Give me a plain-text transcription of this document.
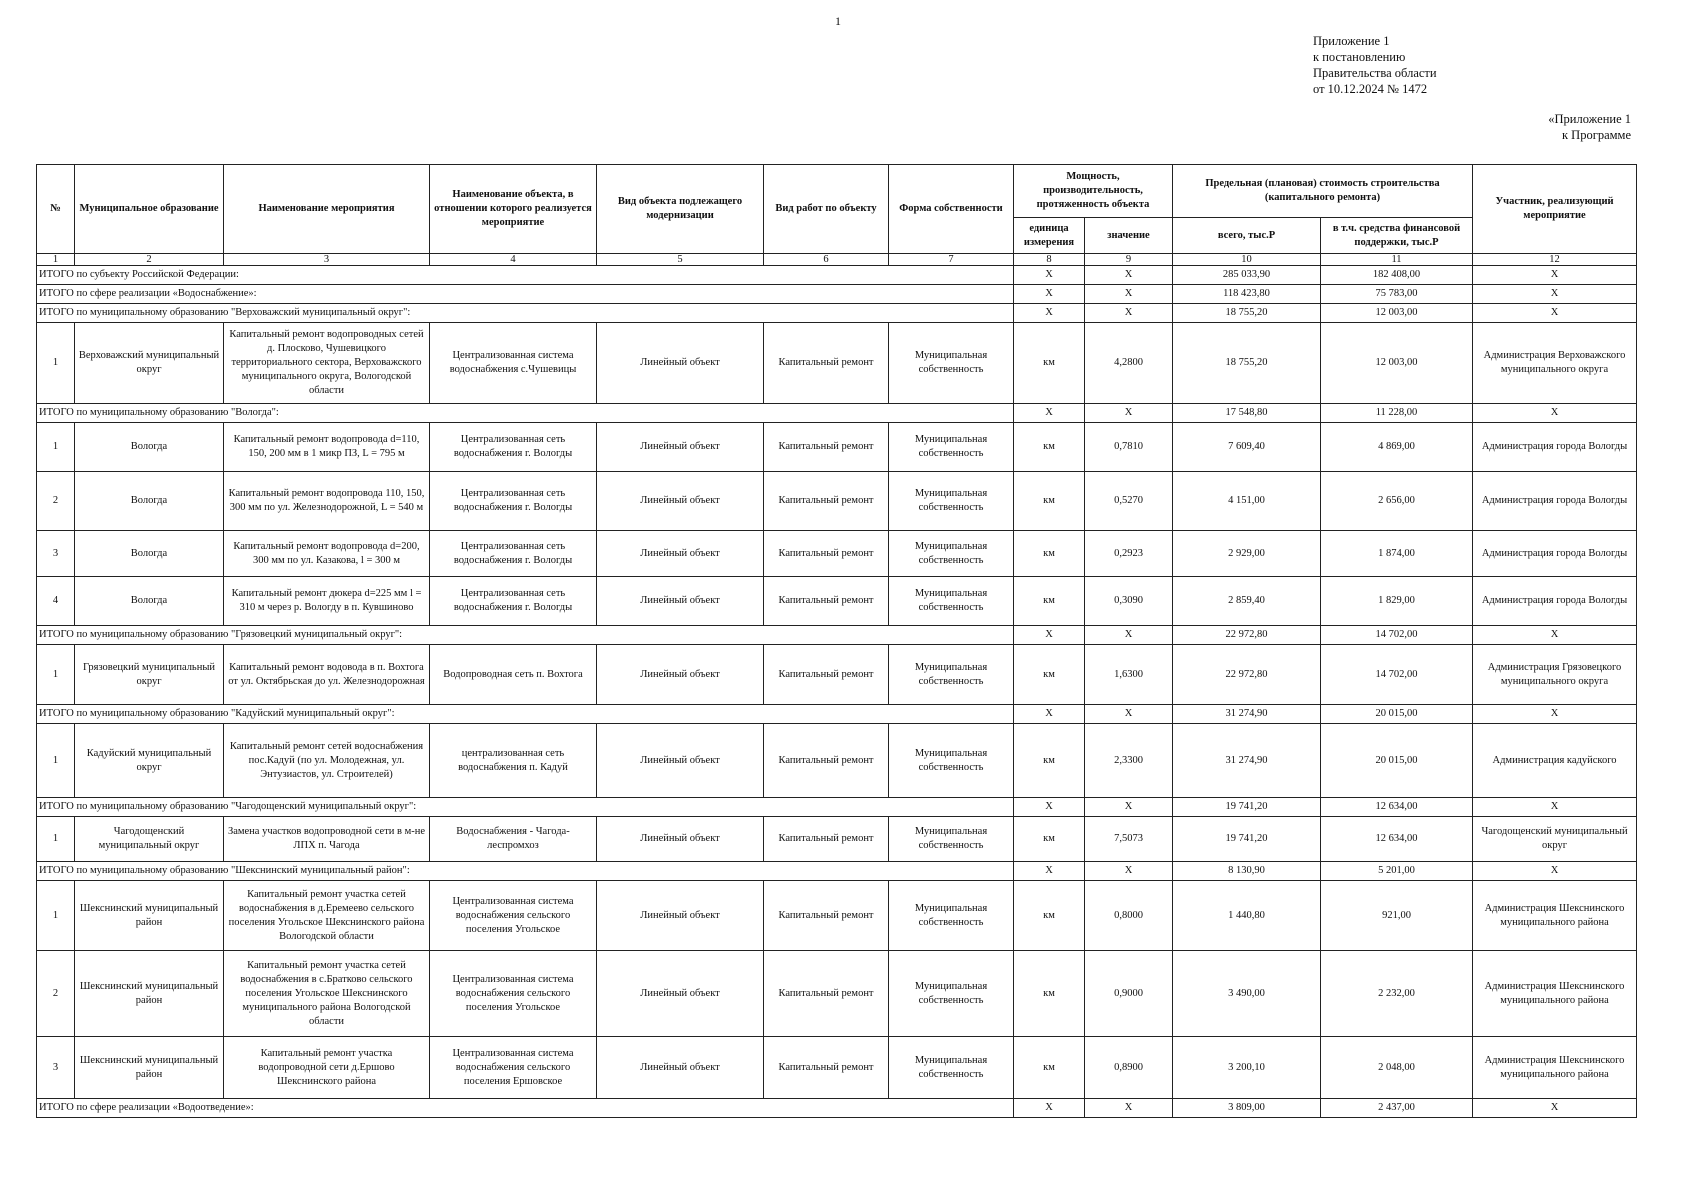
1
Приложение 1
к постановлению
Правительства области
от 10.12.2024 № 1472
«Приложение 1
к Программе
№	Муниципальное образование	Наименование мероприятия	Наименование объекта, в отношении которого реализуется мероприятие	Вид объекта подлежащего модернизации	Вид работ по объекту	Форма собственности	Мощность, производительность, протяженность объекта		Предельная (плановая) стоимость строительства (капитального ремонта)		Участник, реализующий мероприятие
							единица измерения	значение	всего, тыс.Р	в т.ч. средства финансовой поддержки, тыс.Р	
1	2	3	4	5	6	7	8	9	10	11	12
ИТОГО по субъекту Российской Федерации:							X	X	285 033,90	182 408,00	X
ИТОГО по сфере реализации «Водоснабжение»:							X	X	118 423,80	75 783,00	X
ИТОГО по муниципальному образованию "Верховажский муниципальный округ":							X	X	18 755,20	12 003,00	X
1	Верховажский муниципальный округ	Капитальный ремонт водопроводных сетей д. Плосково, Чушевицкого территориального сектора, Верховажского муниципального округа, Вологодской области	Централизованная система водоснабжения с.Чушевицы	Линейный объект	Капитальный ремонт	Муниципальная собственность	км	4,2800	18 755,20	12 003,00	Администрация Верховажского муниципального округа
ИТОГО по муниципальному образованию "Вологда":							X	X	17 548,80	11 228,00	X
1	Вологда	Капитальный ремонт водопровода d=110, 150, 200 мм в 1 микр ПЗ, L = 795 м	Централизованная сеть водоснабжения г. Вологды	Линейный объект	Капитальный ремонт	Муниципальная собственность	км	0,7810	7 609,40	4 869,00	Администрация города Вологды
2	Вологда	Капитальный ремонт водопровода 110, 150, 300 мм по ул. Железнодорожной, L = 540 м	Централизованная сеть водоснабжения г. Вологды	Линейный объект	Капитальный ремонт	Муниципальная собственность	км	0,5270	4 151,00	2 656,00	Администрация города Вологды
3	Вологда	Капитальный ремонт водопровода d=200, 300 мм по ул. Казакова, l = 300 м	Централизованная сеть водоснабжения г. Вологды	Линейный объект	Капитальный ремонт	Муниципальная собственность	км	0,2923	2 929,00	1 874,00	Администрация города Вологды
4	Вологда	Капитальный ремонт дюкера d=225 мм l = 310 м через р. Вологду в п. Кувшиново	Централизованная сеть водоснабжения г. Вологды	Линейный объект	Капитальный ремонт	Муниципальная собственность	км	0,3090	2 859,40	1 829,00	Администрация города Вологды
ИТОГО по муниципальному образованию "Грязовецкий муниципальный округ":							X	X	22 972,80	14 702,00	X
1	Грязовецкий муниципальный округ	Капитальный ремонт водовода в п. Вохтога от ул. Октябрьская до ул. Железнодорожная	Водопроводная сеть п. Вохтога	Линейный объект	Капитальный ремонт	Муниципальная собственность	км	1,6300	22 972,80	14 702,00	Администрация Грязовецкого муниципального округа
ИТОГО по муниципальному образованию "Кадуйский муниципальный округ":							X	X	31 274,90	20 015,00	X
1	Кадуйский муниципальный округ	Капитальный ремонт сетей водоснабжения пос.Кадуй (по ул. Молодежная, ул. Энтузиастов, ул. Строителей)	централизованная сеть водоснабжения п. Кадуй	Линейный объект	Капитальный ремонт	Муниципальная собственность	км	2,3300	31 274,90	20 015,00	Администрация кадуйского
ИТОГО по муниципальному образованию "Чагодощенский муниципальный округ":							X	X	19 741,20	12 634,00	X
1	Чагодощенский муниципальный округ	Замена участков водопроводной сети в м-не ЛПХ п. Чагода	Водоснабжения - Чагода-леспромхоз	Линейный объект	Капитальный ремонт	Муниципальная собственность	км	7,5073	19 741,20	12 634,00	Чагодощенский муниципальный округ
ИТОГО по муниципальному образованию "Шекснинский муниципальный район":							X	X	8 130,90	5 201,00	X
1	Шекснинский муниципальный район	Капитальный ремонт участка сетей водоснабжения в д.Еремеево сельского поселения Угольское Шекснинского района Вологодской области	Централизованная система водоснабжения сельского поселения Угольское	Линейный объект	Капитальный ремонт	Муниципальная собственность	км	0,8000	1 440,80	921,00	Администрация Шекснинского муниципального района
2	Шекснинский муниципальный район	Капитальный ремонт участка сетей водоснабжения в с.Братково сельского поселения Угольское Шекснинского муниципального района Вологодской области	Централизованная система водоснабжения сельского поселения Угольское	Линейный объект	Капитальный ремонт	Муниципальная собственность	км	0,9000	3 490,00	2 232,00	Администрация Шекснинского муниципального района
3	Шекснинский муниципальный район	Капитальный ремонт участка водопроводной сети д.Ершово Шекснинского района	Централизованная система водоснабжения сельского поселения Ершовское	Линейный объект	Капитальный ремонт	Муниципальная собственность	км	0,8900	3 200,10	2 048,00	Администрация Шекснинского муниципального района
ИТОГО по сфере реализации «Водоотведение»:							X	X	3 809,00	2 437,00	X
